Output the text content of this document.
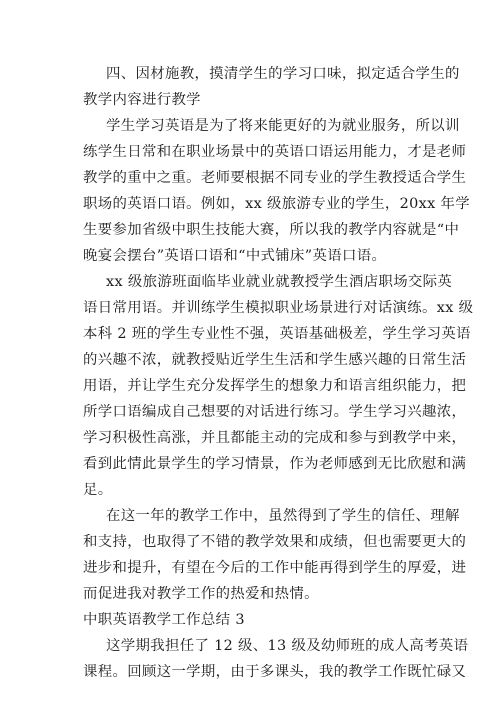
四、因材施教，摸清学生的学习口味，拟定适合学生的
教学内容进行教学
学生学习英语是为了将来能更好的为就业服务，所以训
练学生日常和在职业场景中的英语口语运用能力，才是老师
教学的重中之重。老师要根据不同专业的学生教授适合学生
职场的英语口语。例如，xx 级旅游专业的学生，20xx 年学
生要参加省级中职生技能大赛，所以我的教学内容就是“中
晚宴会摆台”英语口语和“中式铺床”英语口语。
xx 级旅游班面临毕业就业就教授学生酒店职场交际英
语日常用语。并训练学生模拟职业场景进行对话演练。xx 级
本科 2 班的学生专业性不强，英语基础极差，学生学习英语
的兴趣不浓，就教授贴近学生生活和学生感兴趣的日常生活
用语，并让学生充分发挥学生的想象力和语言组织能力，把
所学口语编成自己想要的对话进行练习。学生学习兴趣浓，
学习积极性高涨，并且都能主动的完成和参与到教学中来，
看到此情此景学生的学习情景，作为老师感到无比欣慰和满
足。
在这一年的教学工作中，虽然得到了学生的信任、理解
和支持，也取得了不错的教学效果和成绩，但也需要更大的
进步和提升，有望在今后的工作中能再得到学生的厚爱，进
而促进我对教学工作的热爱和热情。
中职英语教学工作总结 3
这学期我担任了 12 级、13 级及幼师班的成人高考英语
课程。回顾这一学期，由于多课头，我的教学工作既忙碌又
